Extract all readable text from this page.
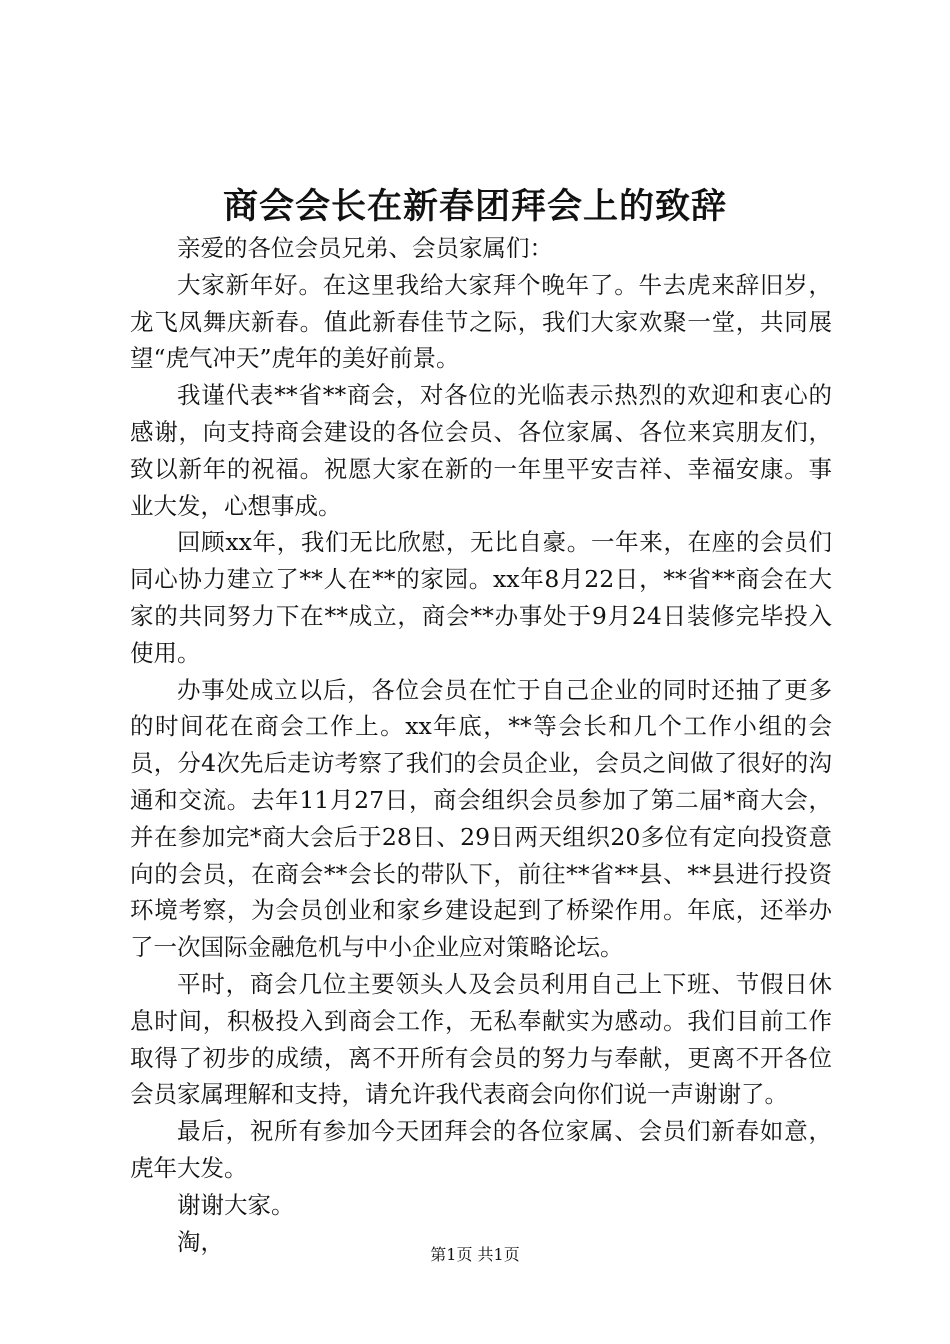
商会会长在新春团拜会上的致辞

亲爱的各位会员兄弟、会员家属们：

大家新年好。在这里我给大家拜个晚年了。牛去虎来辞旧岁，龙飞凤舞庆新春。值此新春佳节之际，我们大家欢聚一堂，共同展望“虎气冲天”虎年的美好前景。

我谨代表**省**商会，对各位的光临表示热烈的欢迎和衷心的感谢，向支持商会建设的各位会员、各位家属、各位来宾朋友们，致以新年的祝福。祝愿大家在新的一年里平安吉祥、幸福安康。事业大发，心想事成。

回顾xx年，我们无比欣慰，无比自豪。一年来，在座的会员们同心协力建立了**人在**的家园。xx年8月22日，**省**商会在大家的共同努力下在**成立，商会**办事处于9月24日装修完毕投入使用。

办事处成立以后，各位会员在忙于自己企业的同时还抽了更多的时间花在商会工作上。xx年底，**等会长和几个工作小组的会员，分4次先后走访考察了我们的会员企业，会员之间做了很好的沟通和交流。去年11月27日，商会组织会员参加了第二届*商大会，并在参加完*商大会后于28日、29日两天组织20多位有定向投资意向的会员，在商会**会长的带队下，前往**省**县、**县进行投资环境考察，为会员创业和家乡建设起到了桥梁作用。年底，还举办了一次国际金融危机与中小企业应对策略论坛。

平时，商会几位主要领头人及会员利用自己上下班、节假日休息时间，积极投入到商会工作，无私奉献实为感动。我们目前工作取得了初步的成绩，离不开所有会员的努力与奉献，更离不开各位会员家属理解和支持，请允许我代表商会向你们说一声谢谢了。

最后，祝所有参加今天团拜会的各位家属、会员们新春如意，虎年大发。

谢谢大家。

淘，	第1页 共1页
